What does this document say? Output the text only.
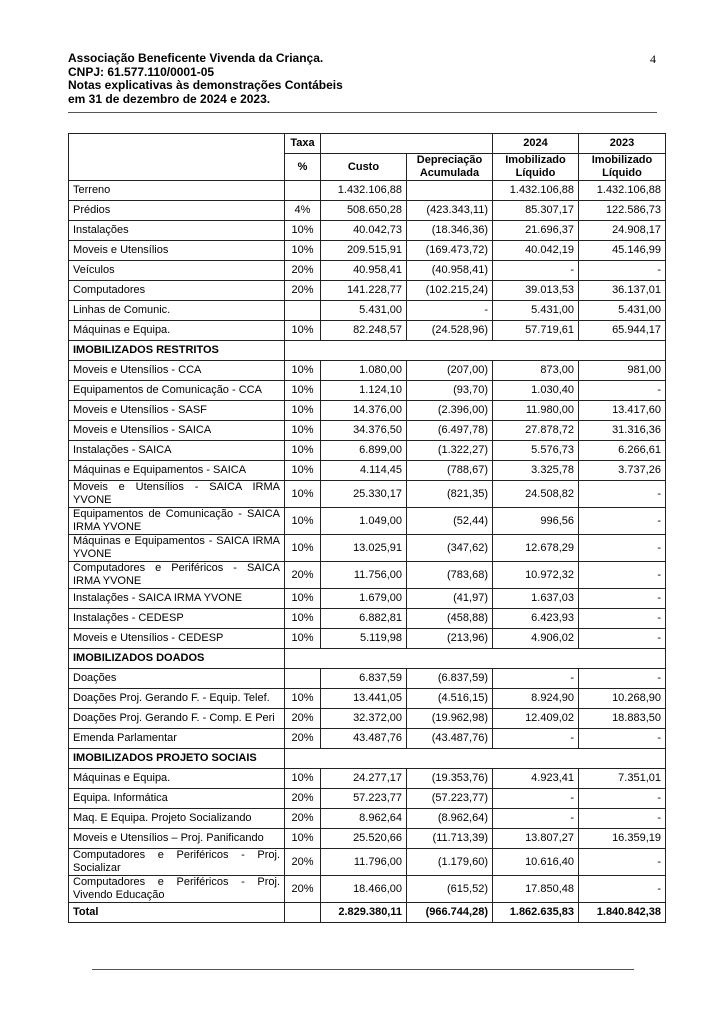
Associação Beneficente Vivenda da Criança.
CNPJ: 61.577.110/0001-05
Notas explicativas às demonstrações Contábeis
em 31 de dezembro de 2024 e 2023.
4
	Taxa			2024	2023
	%	Custo	Depreciação Acumulada	Imobilizado Líquido	Imobilizado Líquido
Terreno		1.432.106,88		1.432.106,88	1.432.106,88
Prédios	4%	508.650,28	(423.343,11)	85.307,17	122.586,73
Instalações	10%	40.042,73	(18.346,36)	21.696,37	24.908,17
Moveis e Utensílios	10%	209.515,91	(169.473,72)	40.042,19	45.146,99
Veículos	20%	40.958,41	(40.958,41)	-	-
Computadores	20%	141.228,77	(102.215,24)	39.013,53	36.137,01
Linhas de Comunic.		5.431,00	-	5.431,00	5.431,00
Máquinas e Equipa.	10%	82.248,57	(24.528,96)	57.719,61	65.944,17
IMOBILIZADOS RESTRITOS					
Moveis e Utensílios - CCA	10%	1.080,00	(207,00)	873,00	981,00
Equipamentos de Comunicação - CCA	10%	1.124,10	(93,70)	1.030,40	-
Moveis e Utensílios - SASF	10%	14.376,00	(2.396,00)	11.980,00	13.417,60
Moveis e Utensílios - SAICA	10%	34.376,50	(6.497,78)	27.878,72	31.316,36
Instalações - SAICA	10%	6.899,00	(1.322,27)	5.576,73	6.266,61
Máquinas e Equipamentos - SAICA	10%	4.114,45	(788,67)	3.325,78	3.737,26
Moveis e Utensílios - SAICA IRMA YVONE	10%	25.330,17	(821,35)	24.508,82	-
Equipamentos de Comunicação - SAICA IRMA YVONE	10%	1.049,00	(52,44)	996,56	-
Máquinas e Equipamentos - SAICA IRMA YVONE	10%	13.025,91	(347,62)	12.678,29	-
Computadores e Periféricos - SAICA IRMA YVONE	20%	11.756,00	(783,68)	10.972,32	-
Instalações - SAICA IRMA YVONE	10%	1.679,00	(41,97)	1.637,03	-
Instalações - CEDESP	10%	6.882,81	(458,88)	6.423,93	-
Moveis e Utensílios - CEDESP	10%	5.119,98	(213,96)	4.906,02	-
IMOBILIZADOS DOADOS					
Doações		6.837,59	(6.837,59)	-	-
Doações Proj. Gerando F. - Equip. Telef.	10%	13.441,05	(4.516,15)	8.924,90	10.268,90
Doações Proj. Gerando F. - Comp. E Peri	20%	32.372,00	(19.962,98)	12.409,02	18.883,50
Emenda Parlamentar	20%	43.487,76	(43.487,76)	-	-
IMOBILIZADOS PROJETO SOCIAIS					
Máquinas e Equipa.	10%	24.277,17	(19.353,76)	4.923,41	7.351,01
Equipa. Informática	20%	57.223,77	(57.223,77)	-	-
Maq. E Equipa. Projeto Socializando	20%	8.962,64	(8.962,64)	-	-
Moveis e Utensílios – Proj. Panificando	10%	25.520,66	(11.713,39)	13.807,27	16.359,19
Computadores e Periféricos - Proj. Socializar	20%	11.796,00	(1.179,60)	10.616,40	-
Computadores e Periféricos - Proj. Vivendo Educação	20%	18.466,00	(615,52)	17.850,48	-
Total		2.829.380,11	(966.744,28)	1.862.635,83	1.840.842,38
